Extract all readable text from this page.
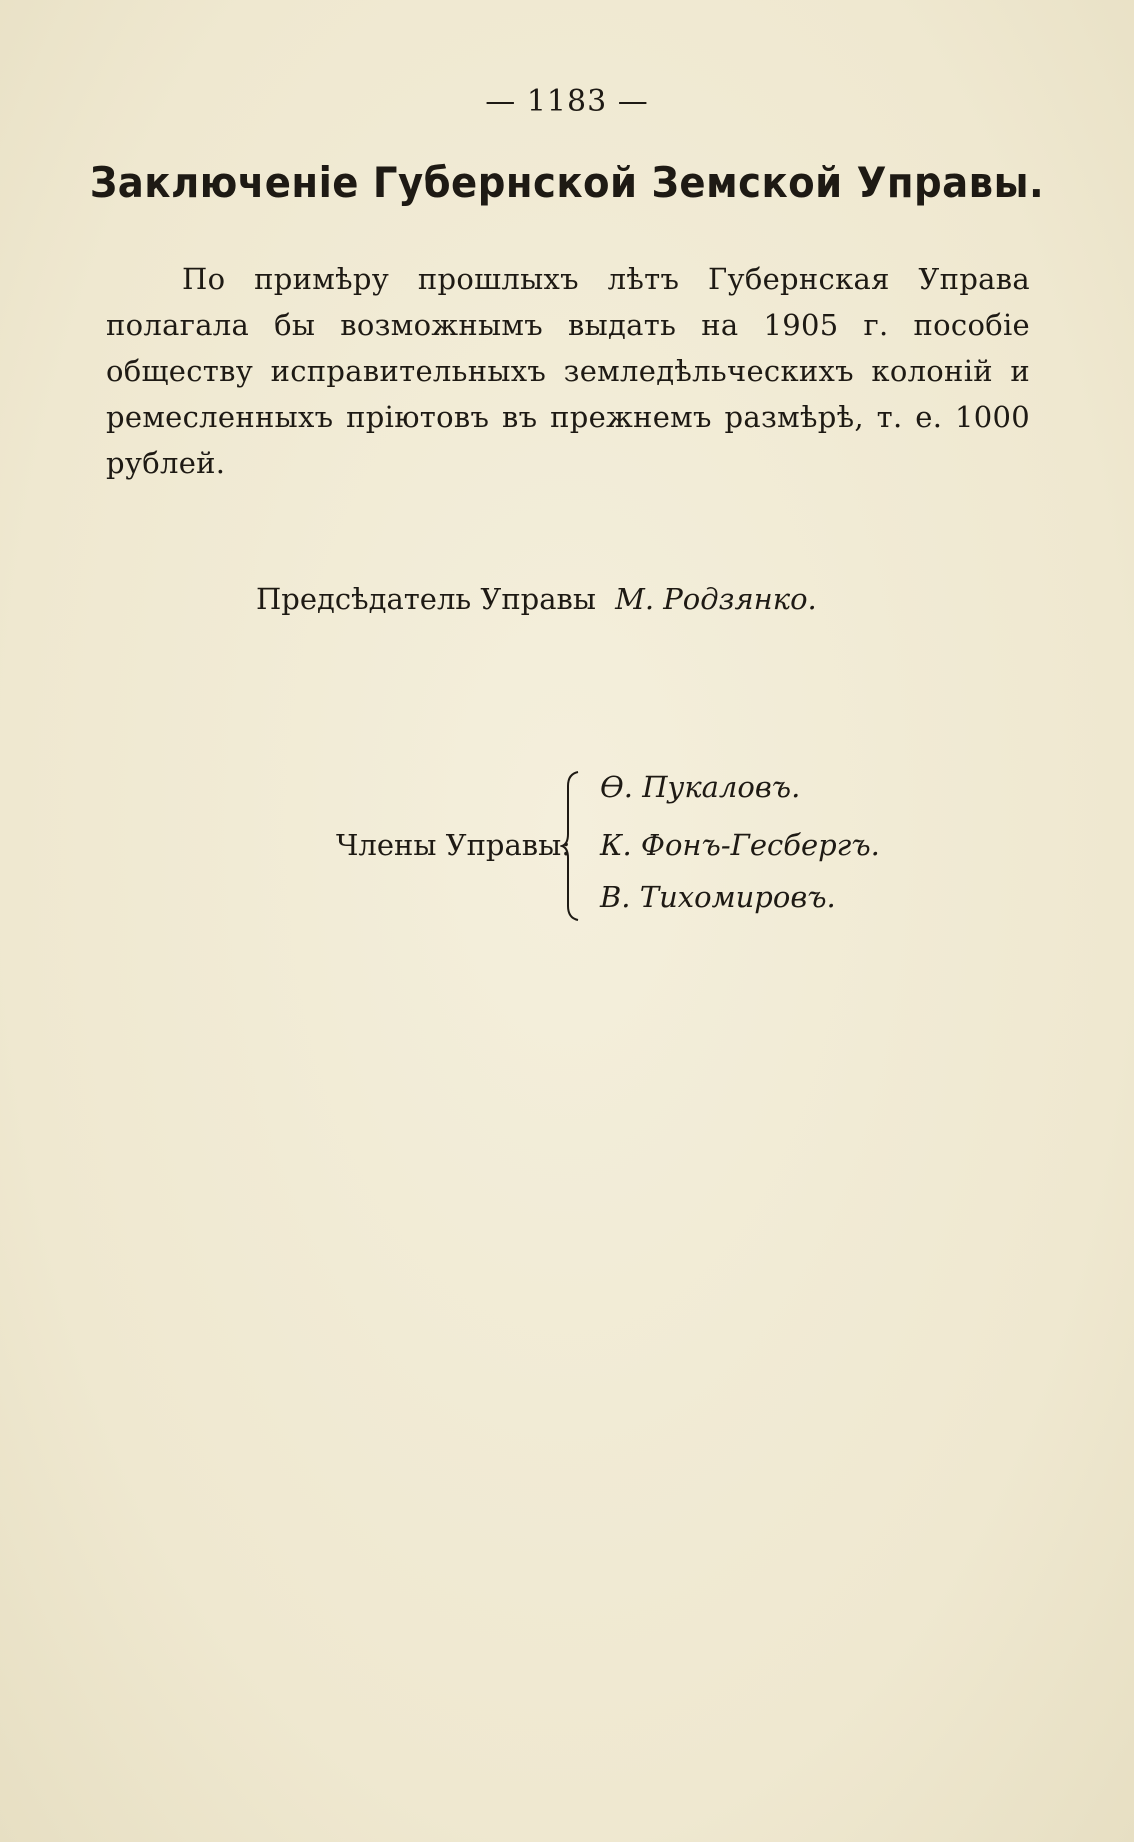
— 1183 —
Заключенiе Губернской Земской Управы.
По примѣру прошлыхъ лѣтъ Губернская Управа полагала бы возможнымъ выдать на 1905 г. пособiе обществу исправительныхъ земледѣльческихъ колонiй и ремесленныхъ прiютовъ въ прежнемъ размѣрѣ, т. е. 1000 рублей.
Предсѣдатель Управы М. Родзянко.
Члены Управы:
Ѳ. Пукаловъ.
К. Фонъ-Гесбергъ.
В. Тихомировъ.
